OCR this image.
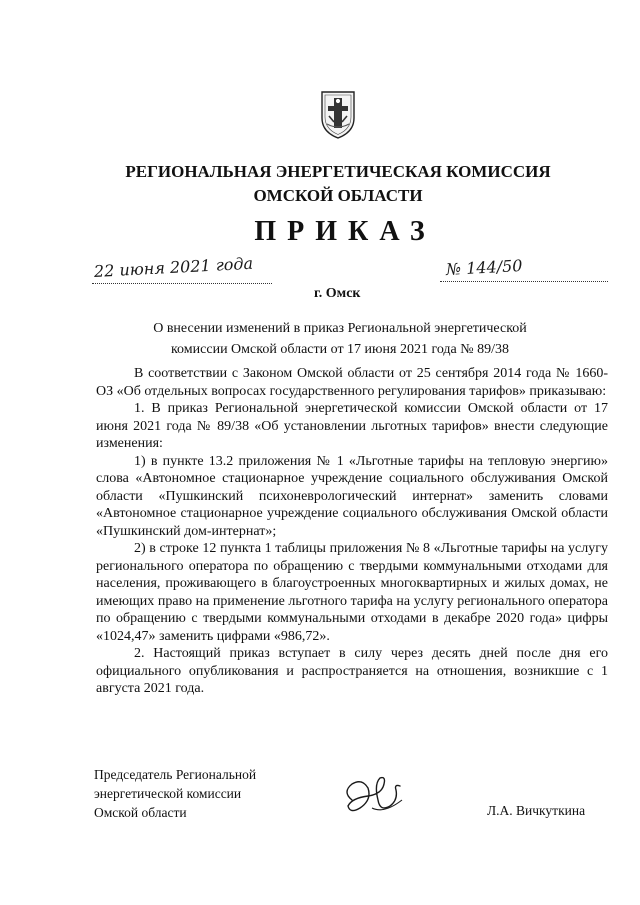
РЕГИОНАЛЬНАЯ ЭНЕРГЕТИЧЕСКАЯ КОМИССИЯ
ОМСКОЙ ОБЛАСТИ
ПРИКАЗ
22 июня 2021 года	№ 144/50
г. Омск
О внесении изменений в приказ Региональной энергетической
комиссии Омской области от 17 июня 2021 года № 89/38

В соответствии с Законом Омской области от 25 сентября 2014 года № 1660-ОЗ «Об отдельных вопросах государственного регулирования тарифов» приказываю:

1. В приказ Региональной энергетической комиссии Омской области от 17 июня 2021 года № 89/38 «Об установлении льготных тарифов» внести следующие изменения:

1) в пункте 13.2 приложения № 1 «Льготные тарифы на тепловую энергию» слова «Автономное стационарное учреждение социального обслуживания Омской области «Пушкинский психоневрологический интернат» заменить словами «Автономное стационарное учреждение социального обслуживания Омской области «Пушкинский дом-интернат»;

2) в строке 12 пункта 1 таблицы приложения № 8 «Льготные тарифы на услугу регионального оператора по обращению с твердыми коммунальными отходами для населения, проживающего в благоустроенных многоквартирных и жилых домах, не имеющих право на применение льготного тарифа на услугу регионального оператора по обращению с твердыми коммунальными отходами в декабре 2020 года» цифры «1024,47» заменить цифрами «986,72».

2. Настоящий приказ вступает в силу через десять дней после дня его официального опубликования и распространяется на отношения, возникшие с 1 августа 2021 года.

Председатель Региональной
энергетической комиссии
Омской области	Л.А. Вичкуткина
